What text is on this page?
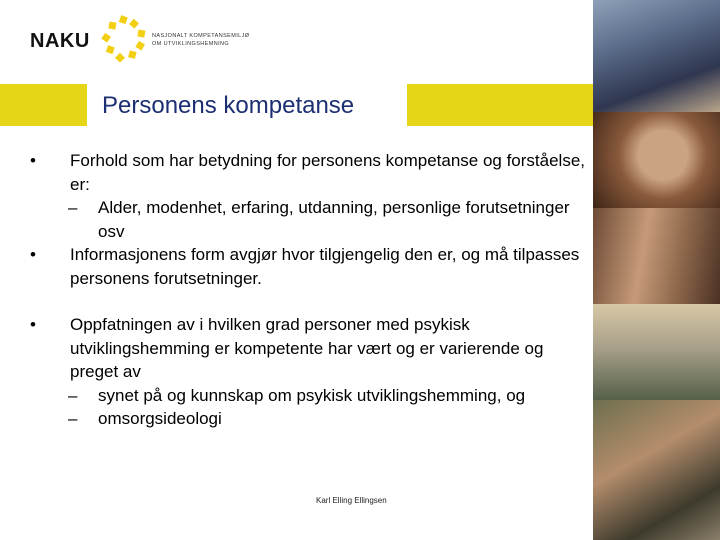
NAKU	NASJONALT KOMPETANSEMILJØ
OM UTVIKLINGSHEMNING
Personens kompetanse

•	Forhold som har betydning for personens kompetanse og forståelse, er:

– Alder, modenhet, erfaring, utdanning, personlige forutsetninger osv

•	Informasjonens form avgjør hvor tilgjengelig den er, og må tilpasses personens forutsetninger.

•	Oppfatningen av i hvilken grad personer med psykisk utviklingshemming er kompetente har vært og er varierende og preget av

– synet på og kunnskap om psykisk utviklingshemming, og

– omsorgsideologi

Karl Elling Ellingsen
